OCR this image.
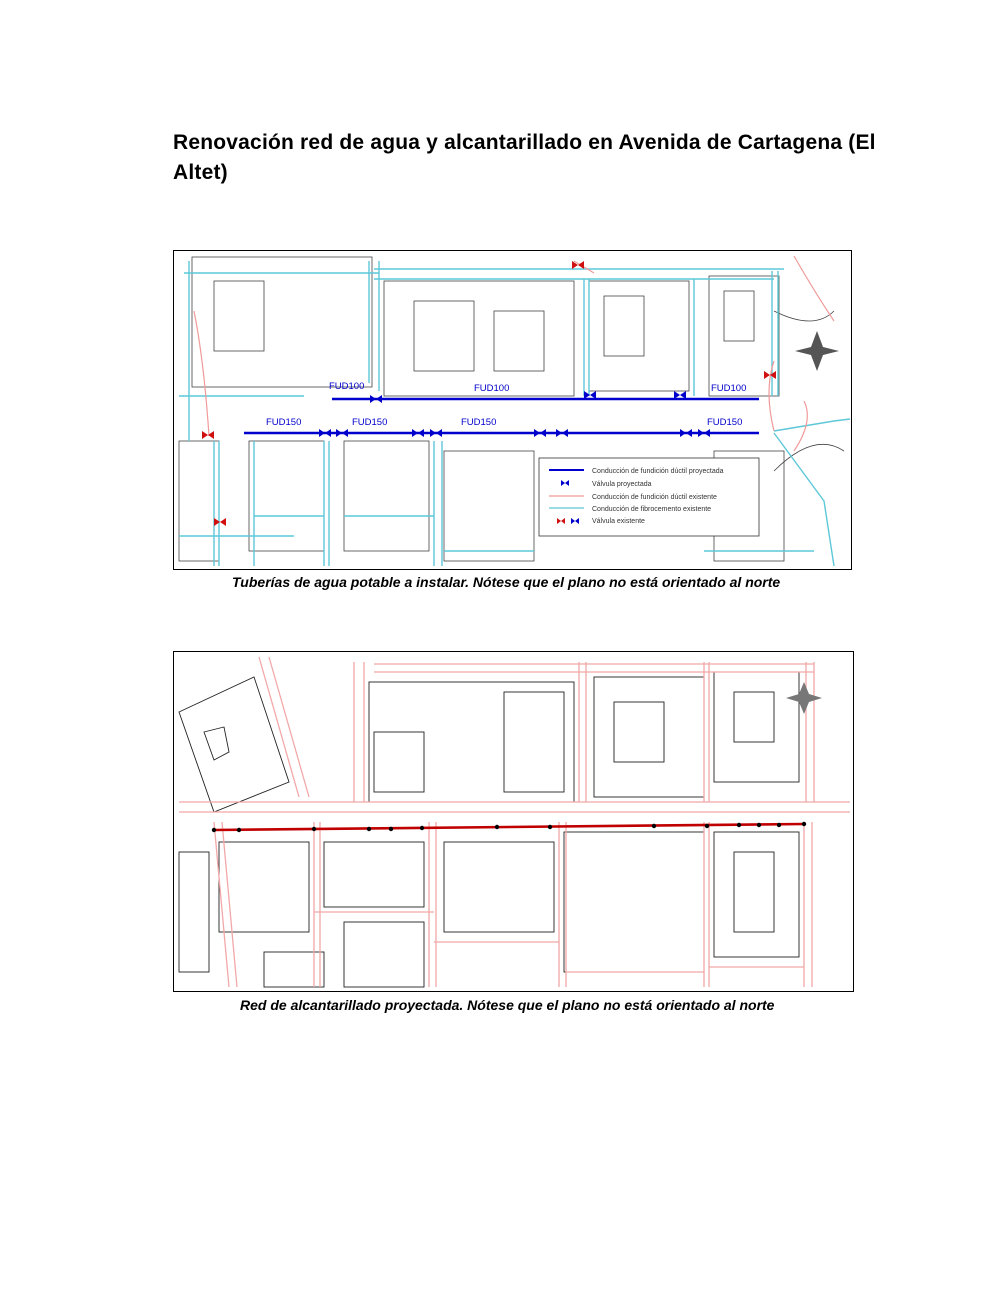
Renovación red de agua y alcantarillado en Avenida de Cartagena (El Altet)
FUD100	FUD100	FUD100
FUD150	FUD150	FUD150	FUD150
Conducción de fundición dúctil proyectada
Válvula proyectada
Conducción de fundición dúctil existente
Conducción de fibrocemento existente
Válvula existente
Tuberías de agua potable a instalar. Nótese que el plano no está orientado al norte
Red de alcantarillado proyectada. Nótese que el plano no está orientado al norte
